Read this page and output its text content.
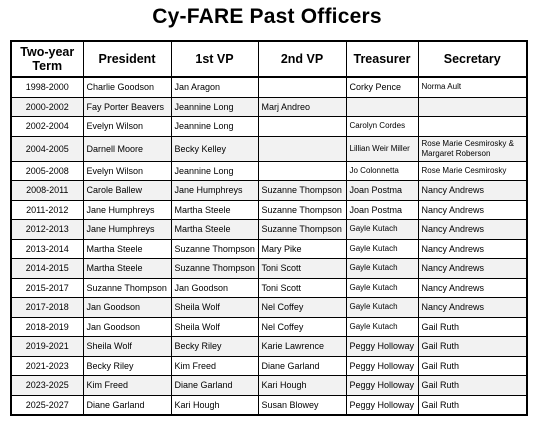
Cy-FARE Past Officers
Two-year Term	President	1st VP	2nd VP	Treasurer	Secretary
1998-2000	Charlie Goodson	Jan Aragon		Corky Pence	Norma Ault
2000-2002	Fay Porter Beavers	Jeannine Long	Marj Andreo		
2002-2004	Evelyn Wilson	Jeannine Long		Carolyn Cordes	
2004-2005	Darnell Moore	Becky Kelley		Lillian Weir Miller	Rose Marie Cesmirosky & Margaret Roberson
2005-2008	Evelyn Wilson	Jeannine Long		Jo Colonnetta	Rose Marie Cesmirosky
2008-2011	Carole Ballew	Jane Humphreys	Suzanne Thompson	Joan Postma	Nancy Andrews
2011-2012	Jane Humphreys	Martha Steele	Suzanne Thompson	Joan Postma	Nancy Andrews
2012-2013	Jane Humphreys	Martha Steele	Suzanne Thompson	Gayle Kutach	Nancy Andrews
2013-2014	Martha Steele	Suzanne Thompson	Mary Pike	Gayle Kutach	Nancy Andrews
2014-2015	Martha Steele	Suzanne Thompson	Toni Scott	Gayle Kutach	Nancy Andrews
2015-2017	Suzanne Thompson	Jan Goodson	Toni Scott	Gayle Kutach	Nancy Andrews
2017-2018	Jan Goodson	Sheila Wolf	Nel Coffey	Gayle Kutach	Nancy Andrews
2018-2019	Jan Goodson	Sheila Wolf	Nel Coffey	Gayle Kutach	Gail Ruth
2019-2021	Sheila Wolf	Becky Riley	Karie Lawrence	Peggy Holloway	Gail Ruth
2021-2023	Becky Riley	Kim Freed	Diane Garland	Peggy Holloway	Gail Ruth
2023-2025	Kim Freed	Diane Garland	Kari Hough	Peggy Holloway	Gail Ruth
2025-2027	Diane Garland	Kari Hough	Susan Blowey	Peggy Holloway	Gail Ruth
